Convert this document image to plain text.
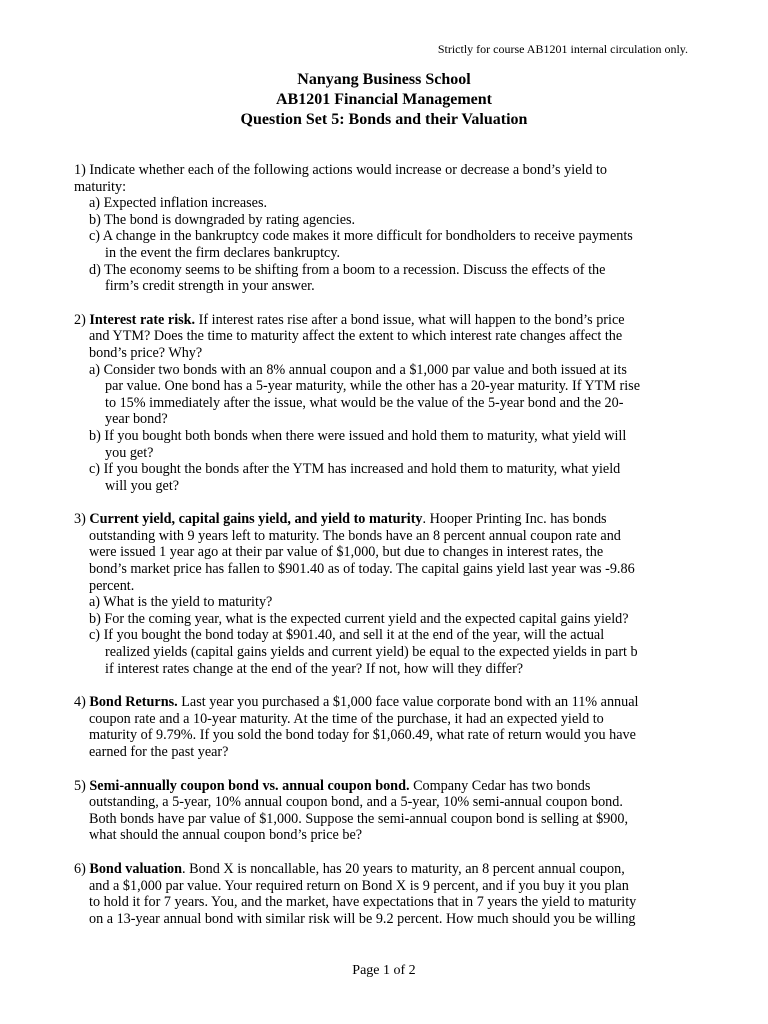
Strictly for course AB1201 internal circulation only.
Nanyang Business School
AB1201 Financial Management
Question Set 5: Bonds and their Valuation
1) Indicate whether each of the following actions would increase or decrease a bond’s yield to
maturity:
a) Expected inflation increases.
b) The bond is downgraded by rating agencies.
c) A change in the bankruptcy code makes it more difficult for bondholders to receive payments
in the event the firm declares bankruptcy.
d) The economy seems to be shifting from a boom to a recession. Discuss the effects of the
firm’s credit strength in your answer.
2) Interest rate risk. If interest rates rise after a bond issue, what will happen to the bond’s price
and YTM? Does the time to maturity affect the extent to which interest rate changes affect the
bond’s price? Why?
a) Consider two bonds with an 8% annual coupon and a $1,000 par value and both issued at its
par value. One bond has a 5-year maturity, while the other has a 20-year maturity. If YTM rise
to 15% immediately after the issue, what would be the value of the 5-year bond and the 20-
year bond?
b) If you bought both bonds when there were issued and hold them to maturity, what yield will
you get?
c) If you bought the bonds after the YTM has increased and hold them to maturity, what yield
will you get?
3) Current yield, capital gains yield, and yield to maturity. Hooper Printing Inc. has bonds
outstanding with 9 years left to maturity. The bonds have an 8 percent annual coupon rate and
were issued 1 year ago at their par value of $1,000, but due to changes in interest rates, the
bond’s market price has fallen to $901.40 as of today. The capital gains yield last year was -9.86
percent.
a) What is the yield to maturity?
b) For the coming year, what is the expected current yield and the expected capital gains yield?
c) If you bought the bond today at $901.40, and sell it at the end of the year, will the actual
realized yields (capital gains yields and current yield) be equal to the expected yields in part b
if interest rates change at the end of the year? If not, how will they differ?
4) Bond Returns. Last year you purchased a $1,000 face value corporate bond with an 11% annual
coupon rate and a 10-year maturity. At the time of the purchase, it had an expected yield to
maturity of 9.79%. If you sold the bond today for $1,060.49, what rate of return would you have
earned for the past year?
5) Semi-annually coupon bond vs. annual coupon bond. Company Cedar has two bonds
outstanding, a 5-year, 10% annual coupon bond, and a 5-year, 10% semi-annual coupon bond.
Both bonds have par value of $1,000. Suppose the semi-annual coupon bond is selling at $900,
what should the annual coupon bond’s price be?
6) Bond valuation. Bond X is noncallable, has 20 years to maturity, an 8 percent annual coupon,
and a $1,000 par value. Your required return on Bond X is 9 percent, and if you buy it you plan
to hold it for 7 years. You, and the market, have expectations that in 7 years the yield to maturity
on a 13-year annual bond with similar risk will be 9.2 percent. How much should you be willing
Page 1 of 2
